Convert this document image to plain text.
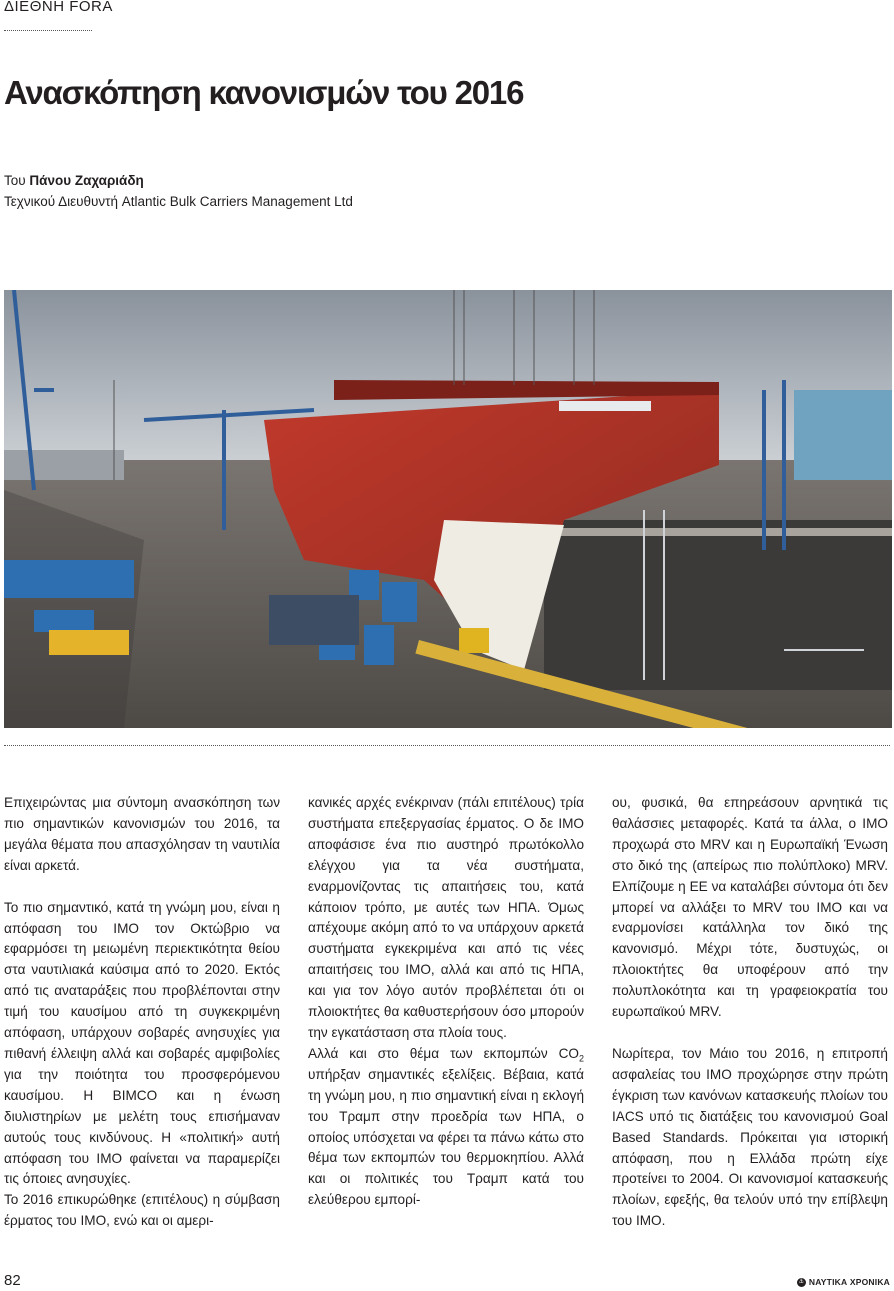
ΔΙΕΘΝΗ FORA
Ανασκόπηση κανονισμών του 2016
Του Πάνου Ζαχαριάδη
Τεχνικού Διευθυντή Atlantic Bulk Carriers Management Ltd

Επιχειρώντας μια σύντομη ανασκόπηση των πιο σημαντικών κανονισμών του 2016, τα μεγάλα θέματα που απασχόλησαν τη ναυτιλία είναι αρκετά.

Το πιο σημαντικό, κατά τη γνώμη μου, είναι η απόφαση του ΙΜΟ τον Οκτώβριο να εφαρμόσει τη μειωμένη περιεκτικότητα θείου στα ναυτιλιακά καύσιμα από το 2020. Εκτός από τις αναταράξεις που προβλέπονται στην τιμή του καυσίμου από τη συγκεκριμένη απόφαση, υπάρχουν σοβαρές ανησυχίες για πιθανή έλλειψη αλλά και σοβαρές αμφιβολίες για την ποιότητα του προσφερόμενου καυσίμου. Η BIMCO και η ένωση διυλιστηρίων με μελέτη τους επισήμαναν αυτούς τους κινδύνους. Η «πολιτική» αυτή απόφαση του ΙΜΟ φαίνεται να παραμερίζει τις όποιες ανησυχίες.

Το 2016 επικυρώθηκε (επιτέλους) η σύμβαση έρματος του ΙΜΟ, ενώ και οι αμερι-

κανικές αρχές ενέκριναν (πάλι επιτέλους) τρία συστήματα επεξεργασίας έρματος. Ο δε ΙΜΟ αποφάσισε ένα πιο αυστηρό πρωτόκολλο ελέγχου για τα νέα συστήματα, εναρμονίζοντας τις απαιτήσεις του, κατά κάποιον τρόπο, με αυτές των ΗΠΑ. Όμως απέχουμε ακόμη από το να υπάρχουν αρκετά συστήματα εγκεκριμένα και από τις νέες απαιτήσεις του ΙΜΟ, αλλά και από τις ΗΠΑ, και για τον λόγο αυτόν προβλέπεται ότι οι πλοιοκτήτες θα καθυστερήσουν όσο μπορούν την εγκατάσταση στα πλοία τους.

Αλλά και στο θέμα των εκπομπών $CO_2$ υπήρξαν σημαντικές εξελίξεις. Βέβαια, κατά τη γνώμη μου, η πιο σημαντική είναι η εκλογή του Τραμπ στην προεδρία των ΗΠΑ, ο οποίος υπόσχεται να φέρει τα πάνω κάτω στο θέμα των εκπομπών του θερμοκηπίου. Αλλά και οι πολιτικές του Τραμπ κατά του ελεύθερου εμπορί-

ου, φυσικά, θα επηρεάσουν αρνητικά τις θαλάσσιες μεταφορές. Κατά τα άλλα, ο ΙΜΟ προχωρά στο MRV και η Ευρωπαϊκή Ένωση στο δικό της (απείρως πιο πολύπλοκο) MRV. Ελπίζουμε η ΕΕ να καταλάβει σύντομα ότι δεν μπορεί να αλλάξει το MRV του ΙΜΟ και να εναρμονίσει κατάλληλα τον δικό της κανονισμό. Μέχρι τότε, δυστυχώς, οι πλοιοκτήτες θα υποφέρουν από την πολυπλοκότητα και τη γραφειοκρατία του ευρωπαϊκού MRV.

Νωρίτερα, τον Μάιο του 2016, η επιτροπή ασφαλείας του ΙΜΟ προχώρησε στην πρώτη έγκριση των κανόνων κατασκευής πλοίων του IACS υπό τις διατάξεις του κανονισμού Goal Based Standards. Πρόκειται για ιστορική απόφαση, που η Ελλάδα πρώτη είχε προτείνει το 2004. Οι κανονισμοί κατασκευής πλοίων, εφεξής, θα τελούν υπό την επίβλεψη του ΙΜΟ.

82	⚓ ΝΑΥΤΙΚΑ ΧΡΟΝΙΚΑ
